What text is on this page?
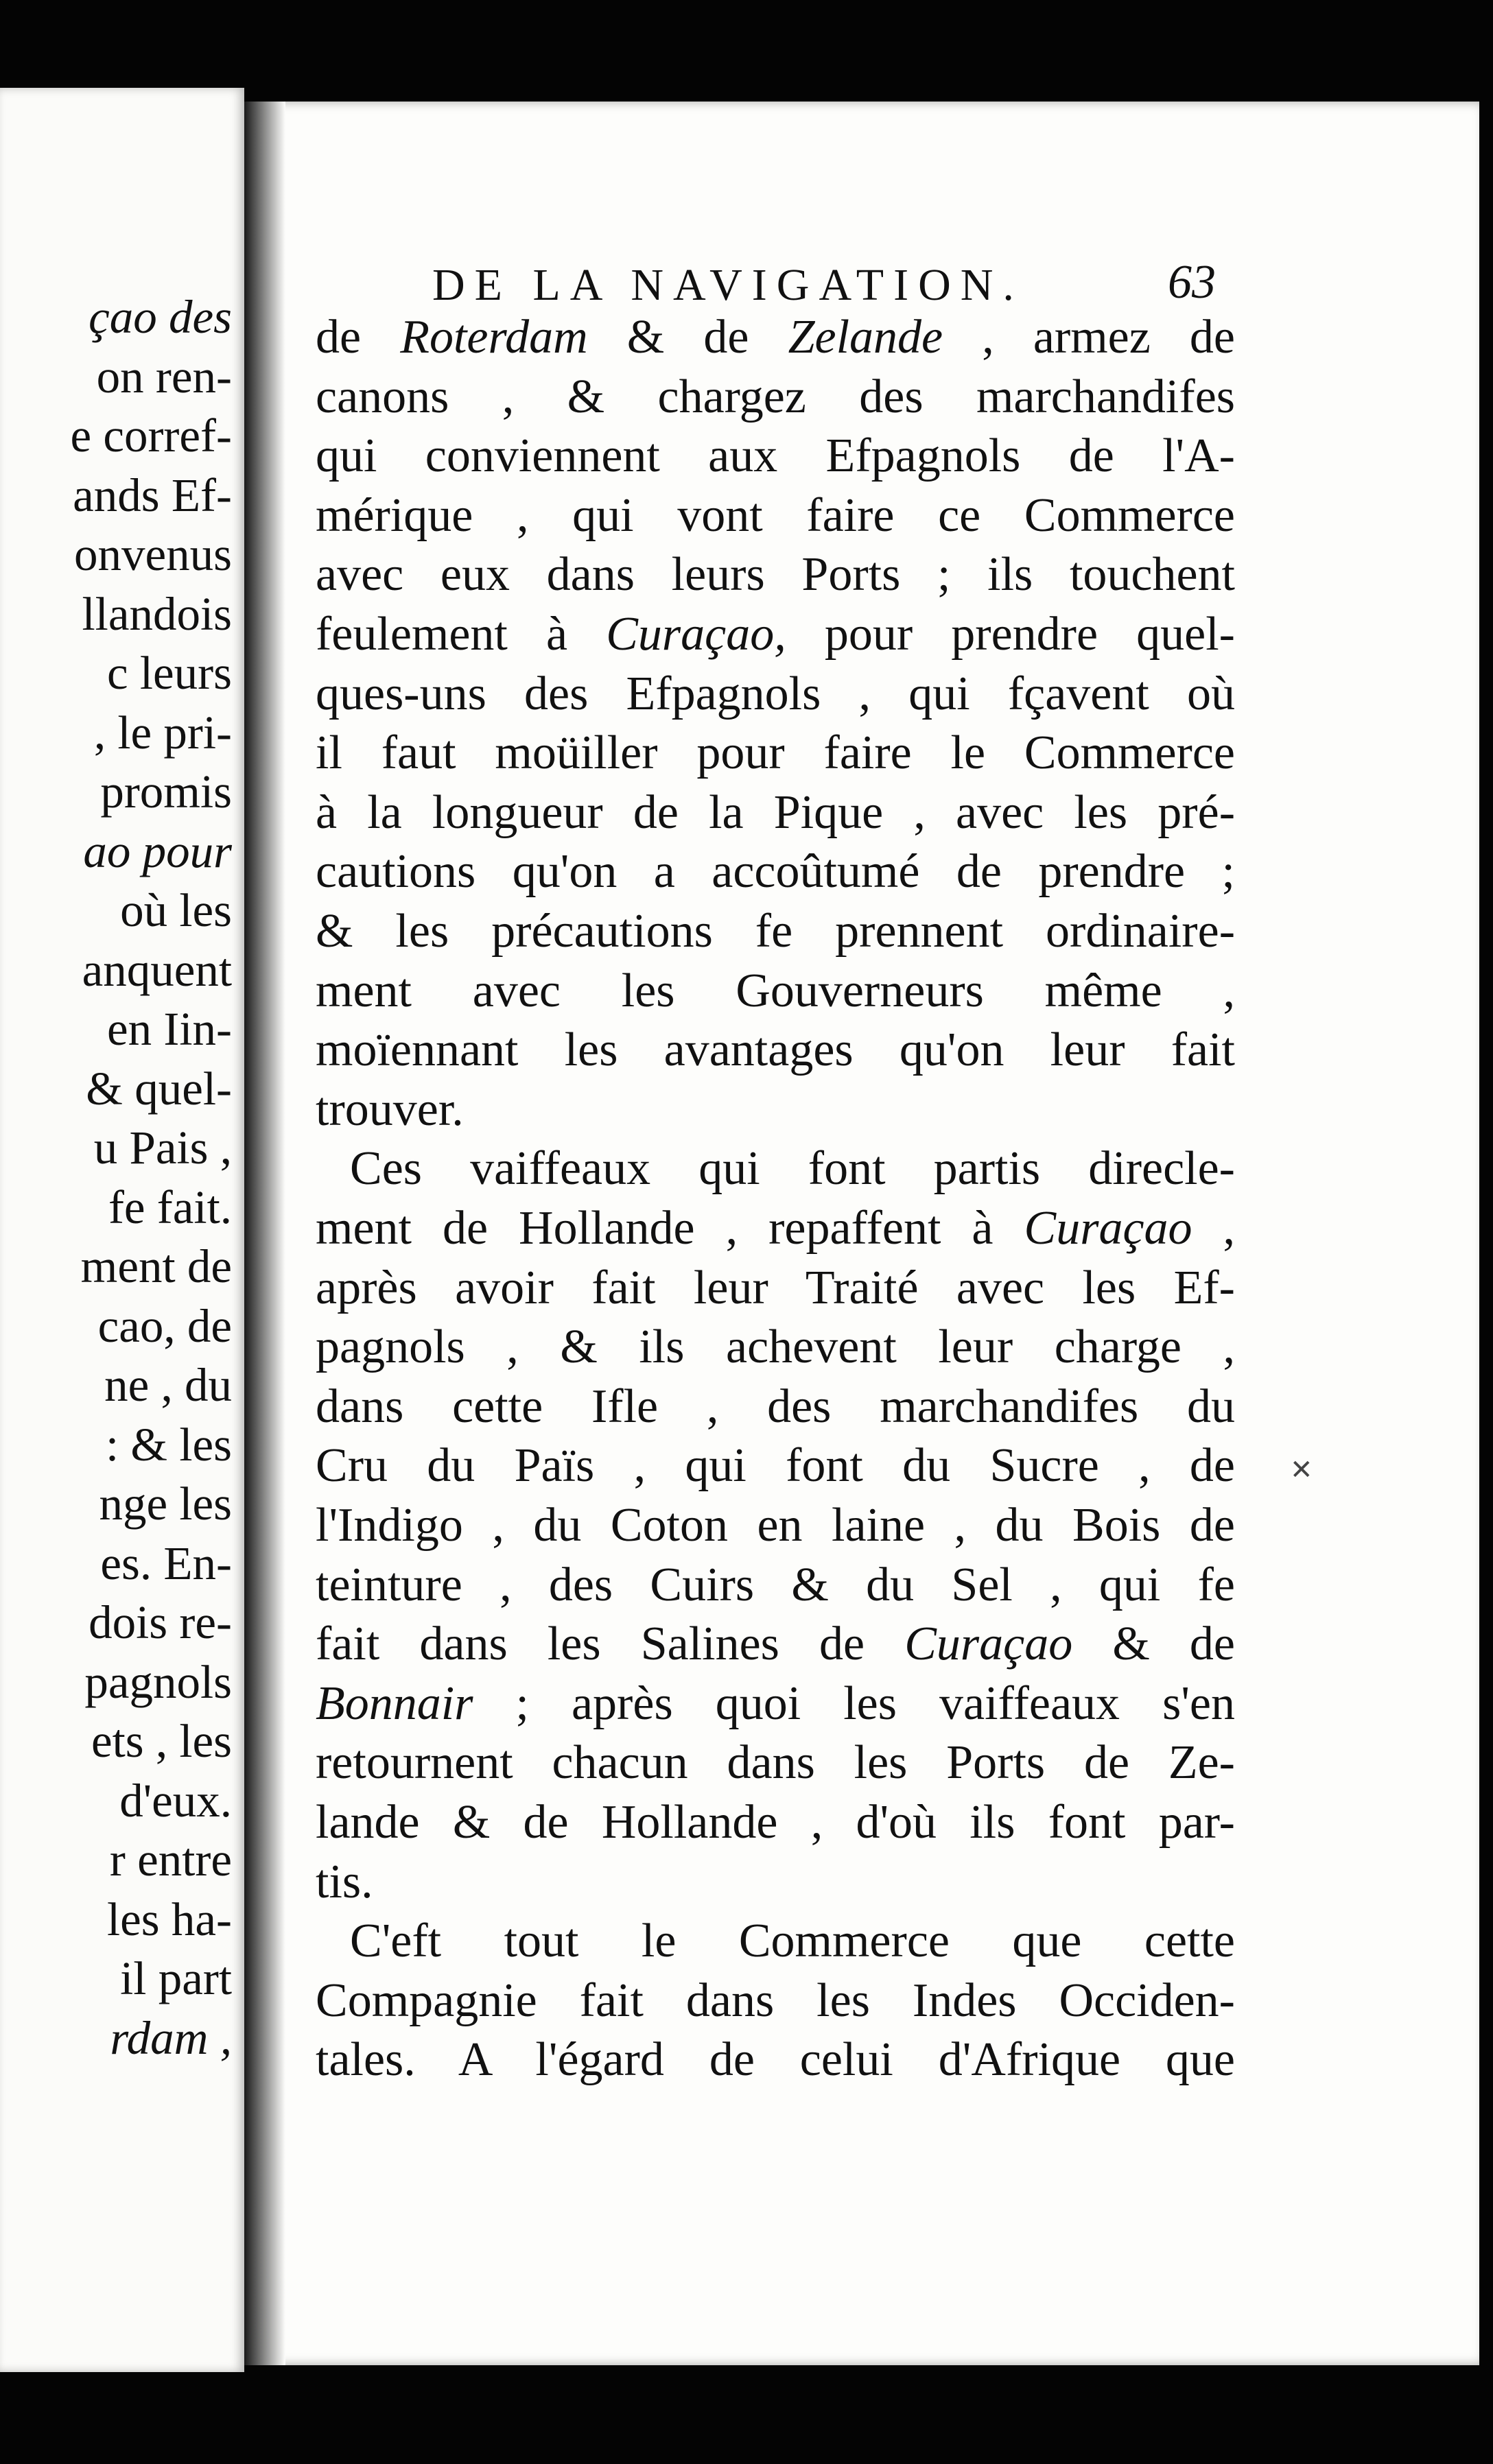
çao des
on ren-
e corref-
ands Ef-
onvenus
llandois
c leurs
, le pri-
promis
ao pour
où les
anquent
en Iin-
& quel-
u Pais ,
fe fait.
ment de
cao, de
ne , du
: & les
nge les
es. En-
dois re-
pagnols
ets , les
d'eux.
r entre
les ha-
il part
rdam ,
DE LA NAVIGATION.	63
de Roterdam & de Zelande , armez de
canons , & chargez des marchandifes
qui conviennent aux Efpagnols de l'A-
mérique , qui vont faire ce Commerce
avec eux dans leurs Ports ; ils touchent
feulement à Curaçao, pour prendre quel-
ques-uns des Efpagnols , qui fçavent où
il faut moüiller pour faire le Commerce
à la longueur de la Pique , avec les pré-
cautions qu'on a accoûtumé de prendre ;
& les précautions fe prennent ordinaire-
ment avec les Gouverneurs même ,
moïennant les avantages qu'on leur fait
trouver.
Ces vaiffeaux qui font partis direcle-
ment de Hollande , repaffent à Curaçao ,
après avoir fait leur Traité avec les Ef-
pagnols , & ils achevent leur charge ,
dans cette Ifle , des marchandifes du
Cru du Païs , qui font du Sucre , de
l'Indigo , du Coton en laine , du Bois de
teinture , des Cuirs & du Sel , qui fe
fait dans les Salines de Curaçao & de
Bonnair ; après quoi les vaiffeaux s'en
retournent chacun dans les Ports de Ze-
lande & de Hollande , d'où ils font par-
tis.
C'eft tout le Commerce que cette
Compagnie fait dans les Indes Occiden-
tales. A l'égard de celui d'Afrique que
✕
